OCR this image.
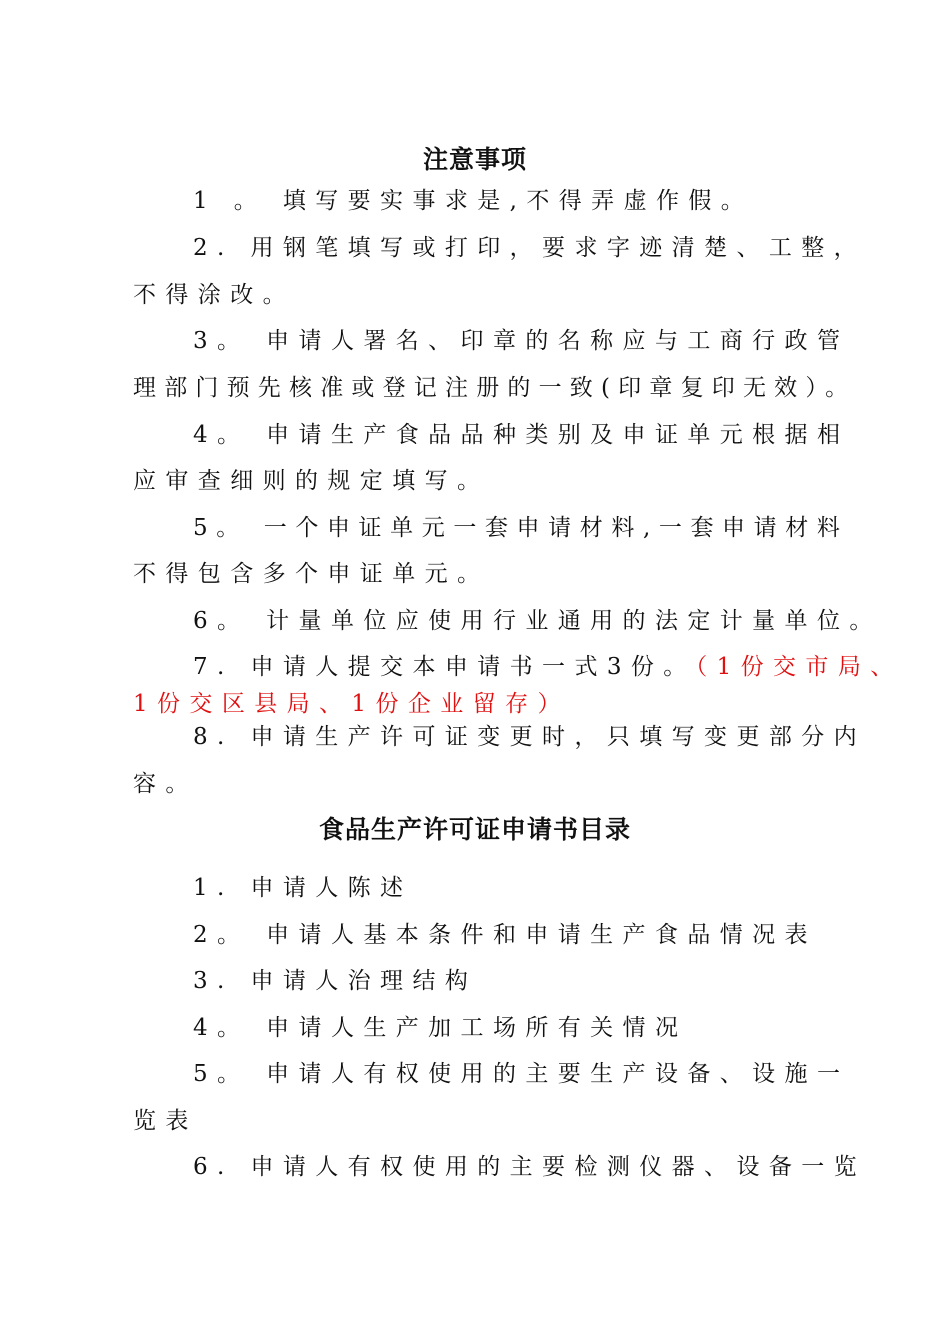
注意事项
1 。 填写要实事求是,不得弄虚作假。
2. 用钢笔填写或打印，要求字迹清楚、工整，
不得涂改。
3。 申请人署名、印章的名称应与工商行政管
理部门预先核准或登记注册的一致(印章复印无效）。
4。 申请生产食品品种类别及申证单元根据相
应审查细则的规定填写。
5。 一个申证单元一套申请材料,一套申请材料
不得包含多个申证单元。
6。 计量单位应使用行业通用的法定计量单位。
7. 申请人提交本申请书一式3份。（1份交市局、
1份交区县局、1份企业留存）
8. 申请生产许可证变更时，只填写变更部分内
容。
食品生产许可证申请书目录
1. 申请人陈述
2。 申请人基本条件和申请生产食品情况表
3. 申请人治理结构
4。 申请人生产加工场所有关情况
5。 申请人有权使用的主要生产设备、设施一
览表
6. 申请人有权使用的主要检测仪器、设备一览
